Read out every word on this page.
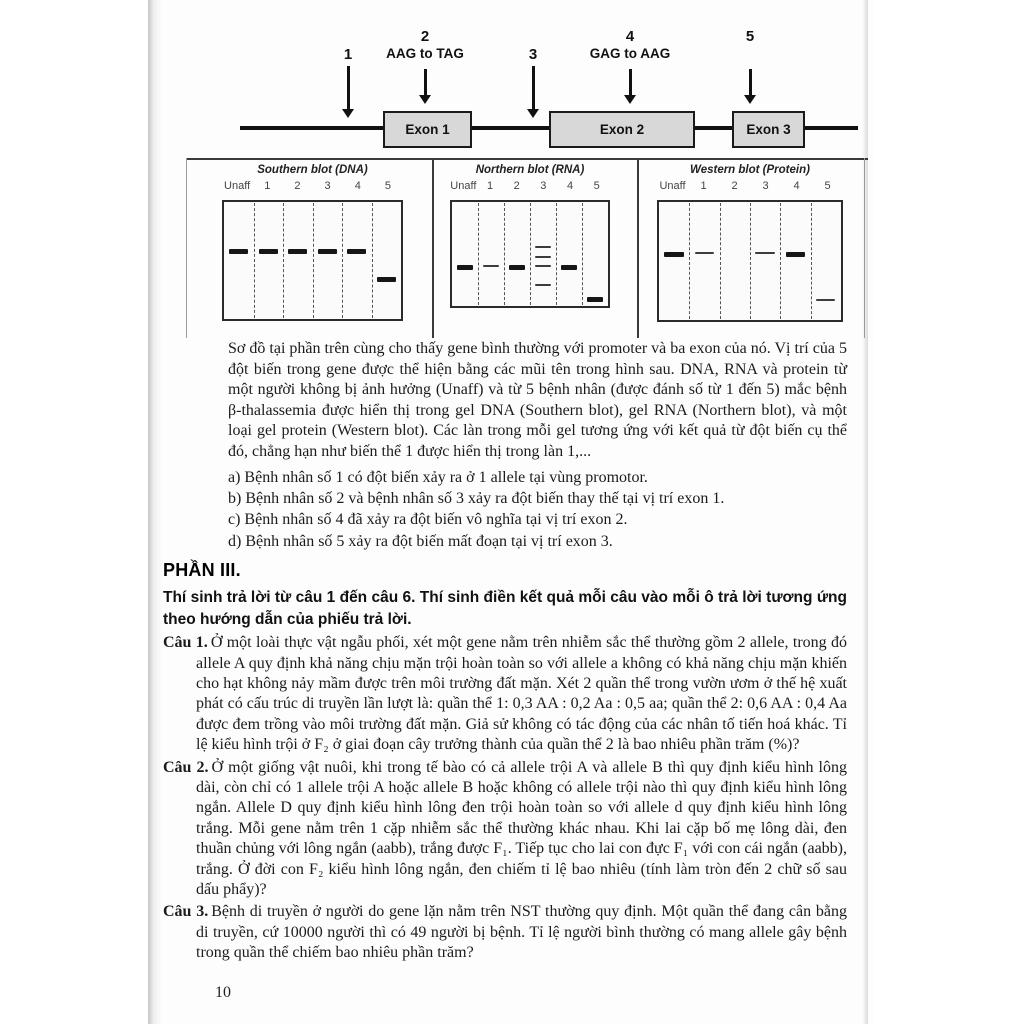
Exon 1	Exon 2	Exon 3
1
2
AAG to TAG	3
4
GAG to AAG
5
Southern blot (DNA)
Unaff	1	2	3	4	5
Northern blot (RNA)
Unaff 1	2	3	4	5
Western blot (Protein)
Unaff	1	2	3	4	5

Sơ đồ tại phần trên cùng cho thấy gene bình thường với promoter và ba exon của nó. Vị trí của 5 đột biến trong gene được thể hiện bằng các mũi tên trong hình sau. DNA, RNA và protein từ một người không bị ảnh hưởng (Unaff) và từ 5 bệnh nhân (được đánh số từ 1 đến 5) mắc bệnh β-thalassemia được hiển thị trong gel DNA (Southern blot), gel RNA (Northern blot), và một loại gel protein (Western blot). Các làn trong mỗi gel tương ứng với kết quả từ đột biến cụ thể đó, chẳng hạn như biến thể 1 được hiển thị trong làn 1,...

a) Bệnh nhân số 1 có đột biến xảy ra ở 1 allele tại vùng promotor.
b) Bệnh nhân số 2 và bệnh nhân số 3 xảy ra đột biến thay thế tại vị trí exon 1.
c) Bệnh nhân số 4 đã xảy ra đột biến vô nghĩa tại vị trí exon 2.
d) Bệnh nhân số 5 xảy ra đột biến mất đoạn tại vị trí exon 3.
PHẦN III.
Thí sinh trả lời từ câu 1 đến câu 6. Thí sinh điền kết quả mỗi câu vào mỗi ô trả lời tương ứng theo hướng dẫn của phiếu trả lời.

Câu 1. Ở một loài thực vật ngẫu phối, xét một gene nằm trên nhiễm sắc thể thường gồm 2 allele, trong đó allele A quy định khả năng chịu mặn trội hoàn toàn so với allele a không có khả năng chịu mặn khiến cho hạt không nảy mầm được trên môi trường đất mặn. Xét 2 quần thể trong vườn ươm ở thế hệ xuất phát có cấu trúc di truyền lần lượt là: quần thể 1: 0,3 AA : 0,2 Aa : 0,5 aa; quần thể 2: 0,6 AA : 0,4 Aa được đem trồng vào môi trường đất mặn. Giả sử không có tác động của các nhân tố tiến hoá khác. Tỉ lệ kiểu hình trội ở F₂ ở giai đoạn cây trưởng thành của quần thể 2 là bao nhiêu phần trăm (%)?

Câu 2. Ở một giống vật nuôi, khi trong tế bào có cả allele trội A và allele B thì quy định kiểu hình lông dài, còn chỉ có 1 allele trội A hoặc allele B hoặc không có allele trội nào thì quy định kiểu hình lông ngắn. Allele D quy định kiểu hình lông đen trội hoàn toàn so với allele d quy định kiểu hình lông trắng. Mỗi gene nằm trên 1 cặp nhiễm sắc thể thường khác nhau. Khi lai cặp bố mẹ lông dài, đen thuần chủng với lông ngắn (aabb), trắng được F₁. Tiếp tục cho lai con đực F₁ với con cái ngắn (aabb), trắng. Ở đời con F₂ kiểu hình lông ngắn, đen chiếm tỉ lệ bao nhiêu (tính làm tròn đến 2 chữ số sau dấu phẩy)?

Câu 3. Bệnh di truyền ở người do gene lặn nằm trên NST thường quy định. Một quần thể đang cân bằng di truyền, cứ 10000 người thì có 49 người bị bệnh. Tỉ lệ người bình thường có mang allele gây bệnh trong quần thể chiếm bao nhiêu phần trăm?

10
